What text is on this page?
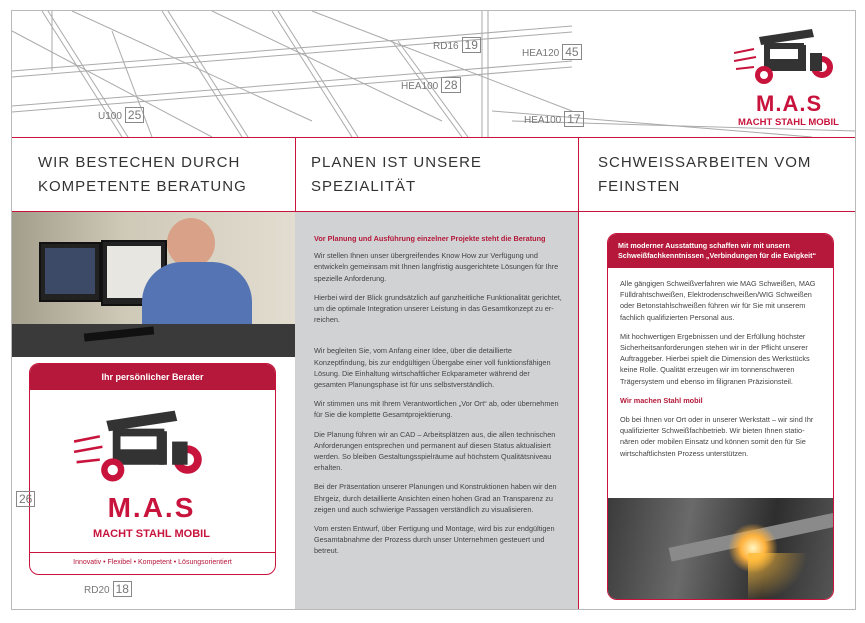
RD16 19
HEA120 45
HEA100 28
U100 25	HEA100 17
M.A.S
MACHT STAHL MOBIL
WIR BESTECHEN DURCH KOMPETENTE BERATUNG
PLANEN IST UNSERE SPEZIALITÄT
SCHWEISSARBEITEN VOM FEINSTEN
Ihr persönlicher Berater
M.A.S
MACHT STAHL MOBIL
Innovativ • Flexibel • Kompetent • Lösungsorientiert
26
RD20 18

Vor Planung und Ausführung einzelner Projekte steht die Beratung

Wir stellen Ihnen unser übergreifendes Know How zur Verfügung und entwickeln gemeinsam mit Ihnen langfristig ausgerichtete Lösungen für Ihre spezielle Anforderung.

Hierbei wird der Blick grundsätzlich auf ganzheitliche Funktionalität gerichtet, um die optimale Integration unserer Leistung in das Gesamtkonzept zu er-reichen.

Wir begleiten Sie, vom Anfang einer Idee, über die detaillierte Konzeptfindung, bis zur endgültigen Übergabe einer voll funktionsfähigen Lösung. Die Einhaltung wirtschaftlicher Eckparameter während der gesamten Planungsphase ist für uns selbstverständlich.

Wir stimmen uns mit Ihrem Verantwortlichen „Vor Ort“ ab, oder übernehmen für Sie die komplette Gesamtprojektierung.

Die Planung führen wir an CAD – Arbeitsplätzen aus, die allen technischen Anforderungen entsprechen und permanent auf diesen Status aktualisiert werden. So bleiben Gestaltungsspielräume auf höchstem Qualitätsniveau erhalten.

Bei der Präsentation unserer Planungen und Konstruktionen haben wir den Ehrgeiz, durch detaillierte Ansichten einen hohen Grad an Transparenz zu zeigen und auch schwierige Passagen verständlich zu visualisieren.

Vom ersten Entwurf, über Fertigung und Montage, wird bis zur endgültigen Gesamtabnahme der Prozess durch unser Unternehmen gesteuert und betreut.

Mit moderner Ausstattung schaffen wir mit unsern Schweißfachkenntnissen „Verbindungen für die Ewigkeit“

Alle gängigen Schweißverfahren wie MAG Schweißen, MAG Fülldrahtschweißen, Elektrodenschweißen/WIG Schweißen oder Betonstahlschweißen führen wir für Sie mit unserem fachlich qualifizierten Personal aus.

Mit hochwertigen Ergebnissen und der Erfüllung höchster Sicherheitsanforderungen stehen wir in der Pflicht unserer Auftraggeber. Hierbei spielt die Dimension des Werkstücks keine Rolle. Qualität erzeugen wir im tonnenschweren Trägersystem und ebenso im filigranen Präzisionsteil.

Wir machen Stahl mobil

Ob bei Ihnen vor Ort oder in unserer Werkstatt – wir sind Ihr qualifizierter Schweißfachbetrieb. Wir bieten Ihnen statio-nären oder mobilen Einsatz und können somit den für Sie wirtschaftlichsten Prozess unterstützen.
